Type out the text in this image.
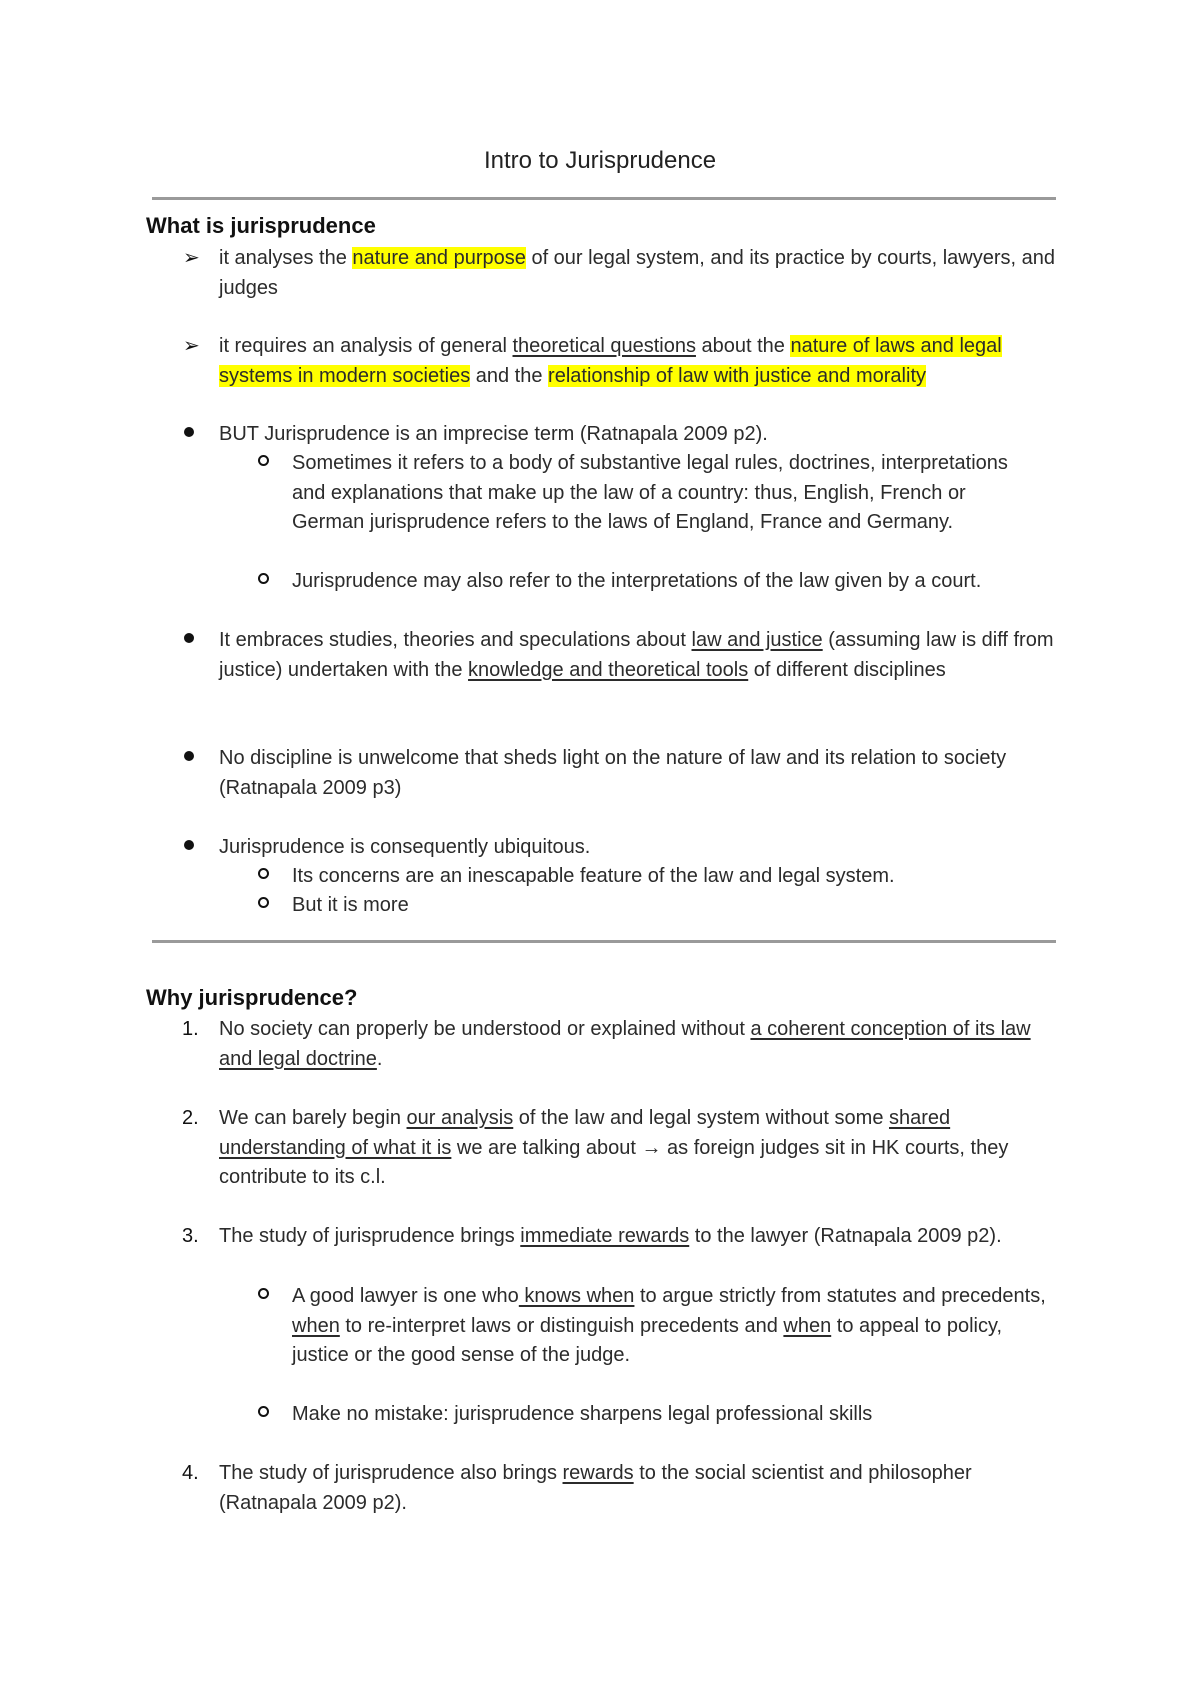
Intro to Jurisprudence
What is jurisprudence
➢ it analyses the nature and purpose of our legal system, and its practice by courts, lawyers, and judges
➢ it requires an analysis of general theoretical questions about the nature of laws and legal systems in modern societies and the relationship of law with justice and morality
BUT Jurisprudence is an imprecise term (Ratnapala 2009 p2).
Sometimes it refers to a body of substantive legal rules, doctrines, interpretations and explanations that make up the law of a country: thus, English, French or German jurisprudence refers to the laws of England, France and Germany.
Jurisprudence may also refer to the interpretations of the law given by a court.
It embraces studies, theories and speculations about law and justice (assuming law is diff from justice) undertaken with the knowledge and theoretical tools of different disciplines
No discipline is unwelcome that sheds light on the nature of law and its relation to society (Ratnapala 2009 p3)
Jurisprudence is consequently ubiquitous.
Its concerns are an inescapable feature of the law and legal system.
But it is more
Why jurisprudence?
1. No society can properly be understood or explained without a coherent conception of its law and legal doctrine.
2. We can barely begin our analysis of the law and legal system without some shared understanding of what it is we are talking about → as foreign judges sit in HK courts, they contribute to its c.l.
3. The study of jurisprudence brings immediate rewards to the lawyer (Ratnapala 2009 p2).
A good lawyer is one who knows when to argue strictly from statutes and precedents, when to re-interpret laws or distinguish precedents and when to appeal to policy, justice or the good sense of the judge.
Make no mistake: jurisprudence sharpens legal professional skills
4. The study of jurisprudence also brings rewards to the social scientist and philosopher (Ratnapala 2009 p2).
